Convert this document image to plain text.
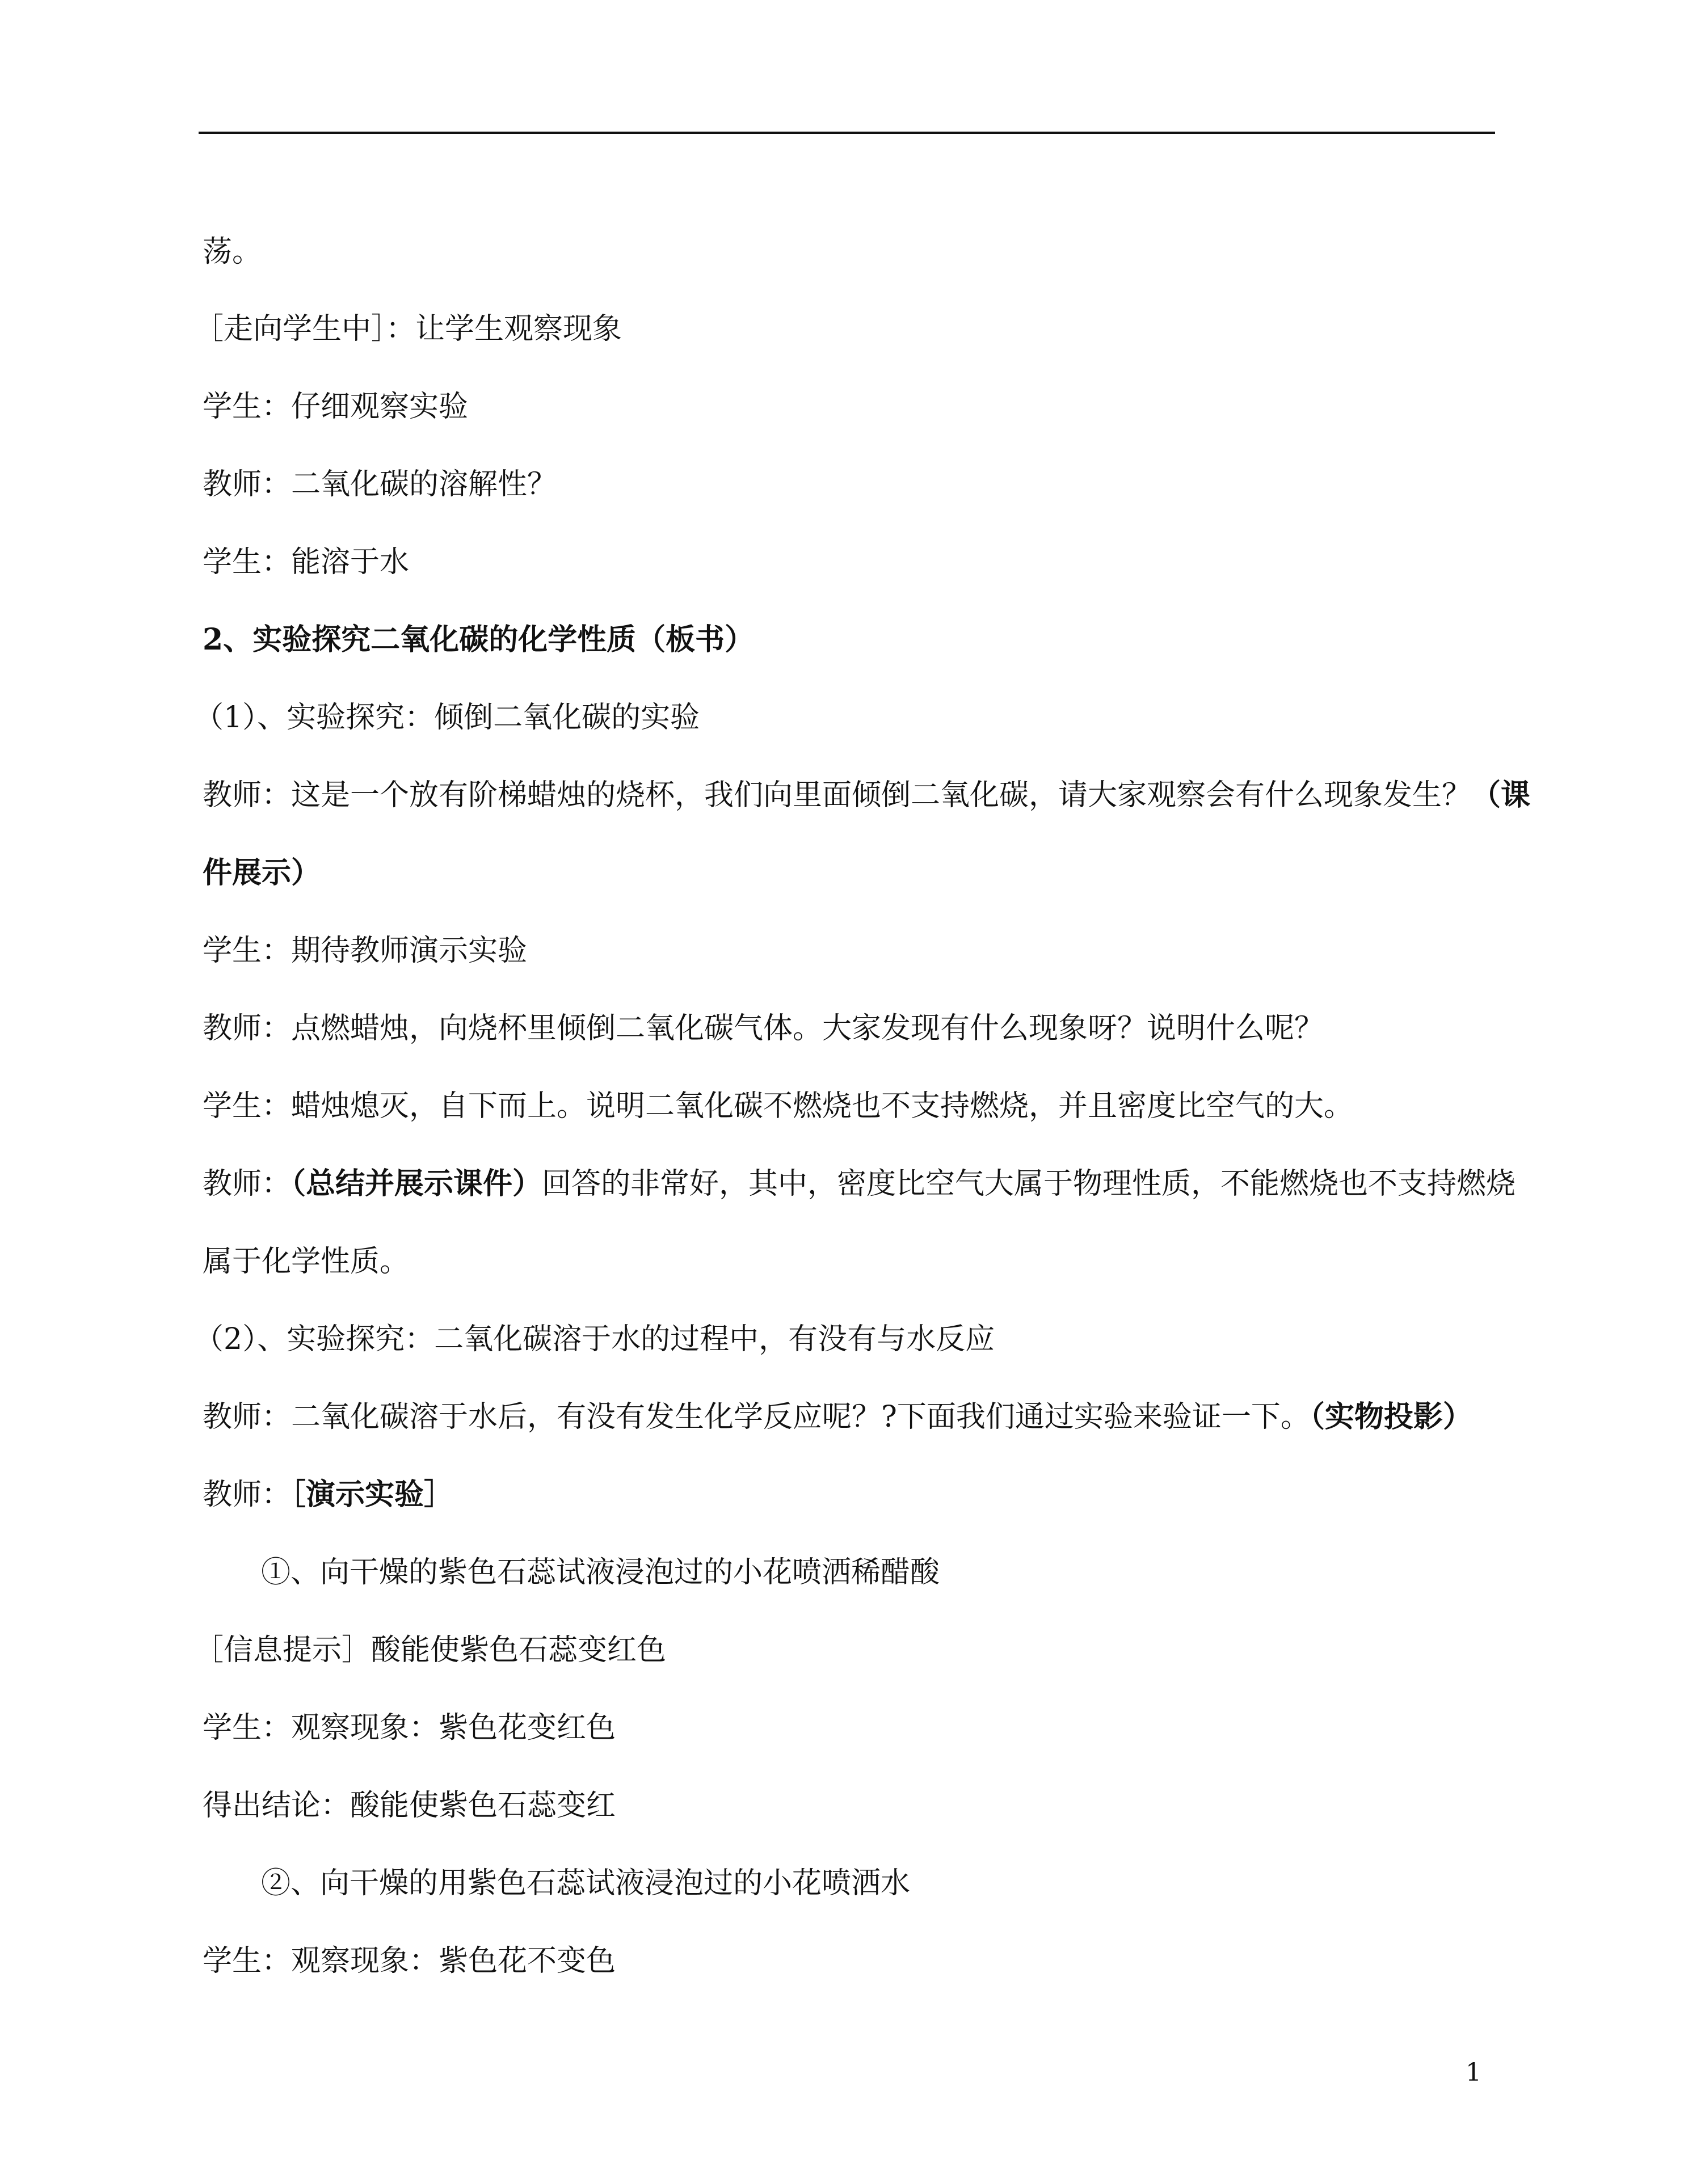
荡。
［走向学生中］：让学生观察现象
学生：仔细观察实验
教师：二氧化碳的溶解性？
学生：能溶于水
2、实验探究二氧化碳的化学性质（板书）
（1）、实验探究：倾倒二氧化碳的实验
教师：这是一个放有阶梯蜡烛的烧杯，我们向里面倾倒二氧化碳，请大家观察会有什么现象发生？（课
件展示）
学生：期待教师演示实验
教师：点燃蜡烛，向烧杯里倾倒二氧化碳气体。大家发现有什么现象呀？说明什么呢？
学生：蜡烛熄灭，自下而上。说明二氧化碳不燃烧也不支持燃烧，并且密度比空气的大。
教师：（总结并展示课件）回答的非常好，其中，密度比空气大属于物理性质，不能燃烧也不支持燃烧
属于化学性质。
（2）、实验探究：二氧化碳溶于水的过程中，有没有与水反应
教师：二氧化碳溶于水后，有没有发生化学反应呢？?下面我们通过实验来验证一下。（实物投影）
教师：［演示实验］
①、向干燥的紫色石蕊试液浸泡过的小花喷洒稀醋酸
［信息提示］酸能使紫色石蕊变红色
学生：观察现象：紫色花变红色
得出结论：酸能使紫色石蕊变红
②、向干燥的用紫色石蕊试液浸泡过的小花喷洒水
学生：观察现象：紫色花不变色
1
